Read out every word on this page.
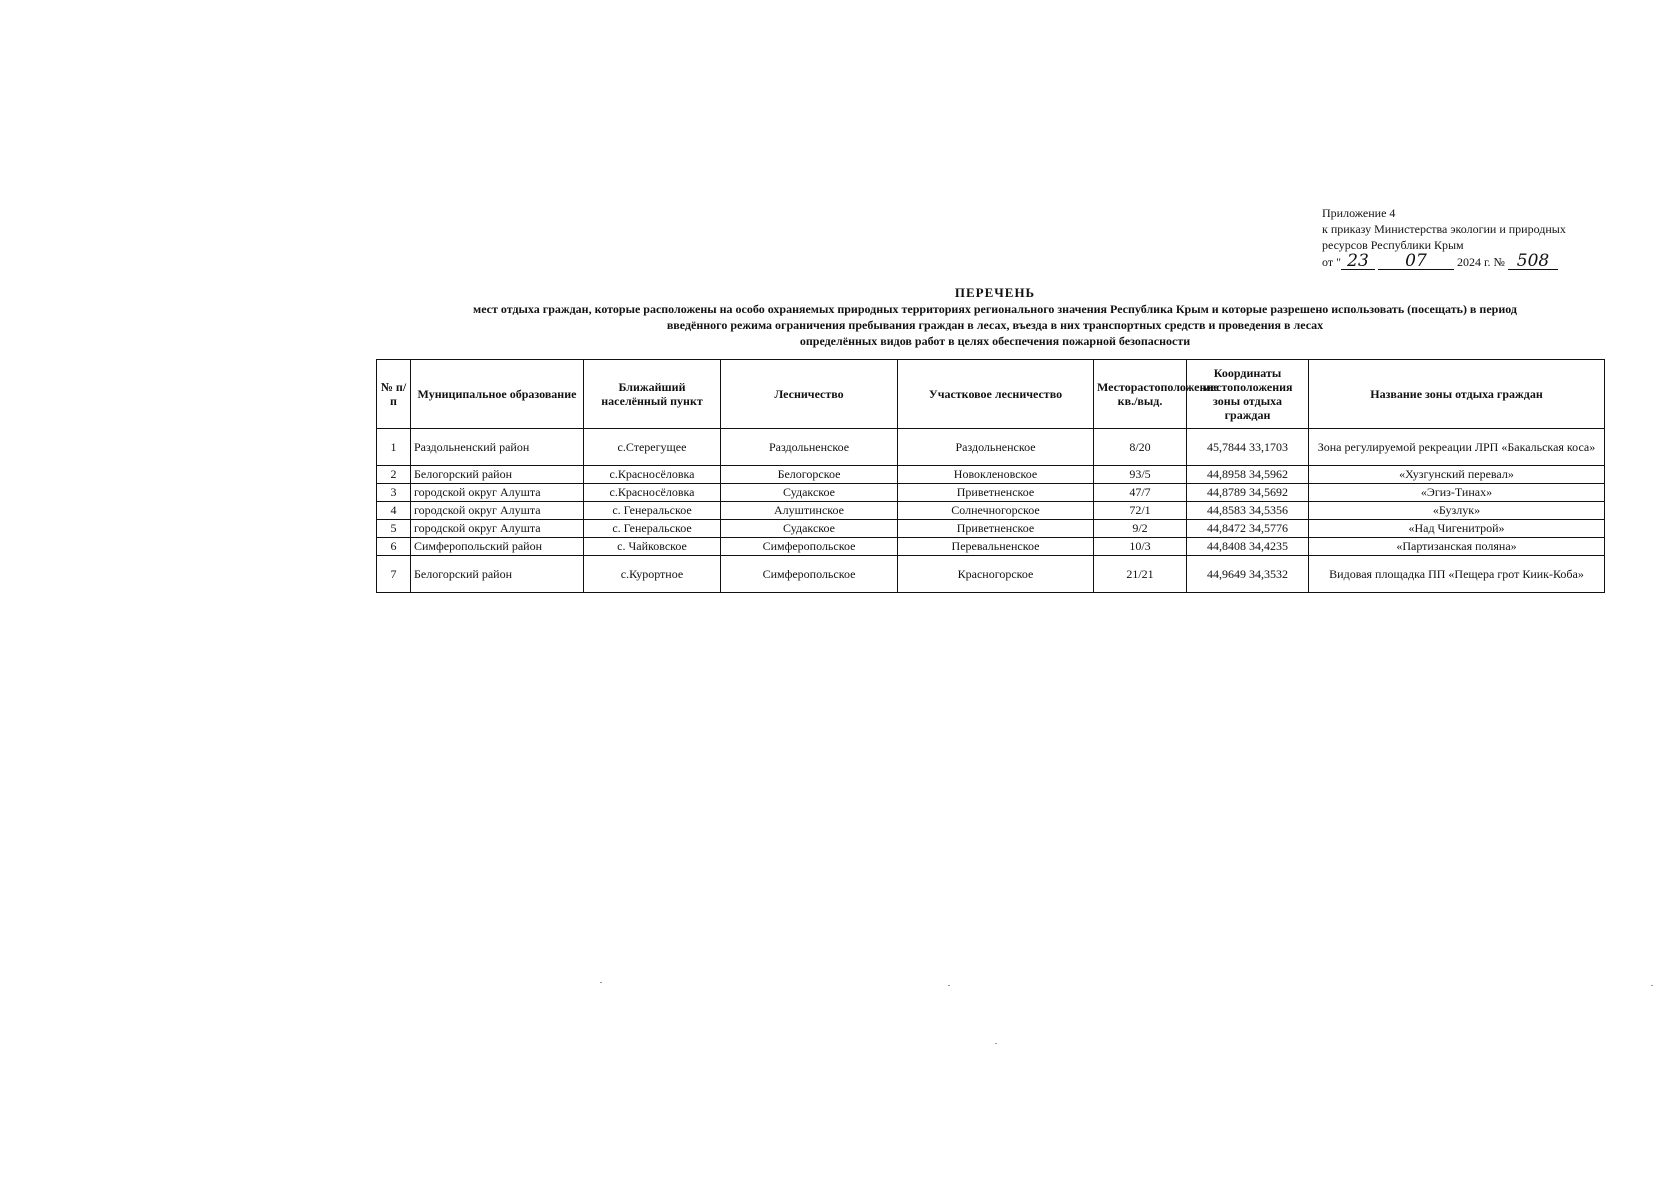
Приложение 4
к приказу Министерства экологии и природных
ресурсов Республики Крым
от " 23 07	2024 г. № 508
ПЕРЕЧЕНЬ
мест отдыха граждан, которые расположены на особо охраняемых природных территориях регионального значения Республика Крым и которые разрешено использовать (посещать) в период
введённого режима ограничения пребывания граждан в лесах, въезда в них транспортных средств и проведения в лесах
определённых видов работ в целях обеспечения пожарной безопасности
№ п/п	Муниципальное образование	Ближайший населённый пункт	Лесничество	Участковое лесничество	Месторастоположение кв./выд.	Координаты местоположения зоны отдыха граждан	Название зоны отдыха граждан
1	Раздольненский район	с.Стерегущее	Раздольненское	Раздольненское	8/20	45,7844 33,1703	Зона регулируемой рекреации ЛРП «Бакальская коса»
2	Белогорский район	с.Красносёловка	Белогорское	Новокленовское	93/5	44,8958 34,5962	«Хузгунский перевал»
3	городской округ Алушта	с.Красносёловка	Судакское	Приветненское	47/7	44,8789 34,5692	«Эгиз-Тинах»
4	городской округ Алушта	с. Генеральское	Алуштинское	Солнечногорское	72/1	44,8583 34,5356	«Бузлук»
5	городской округ Алушта	с. Генеральское	Судакское	Приветненское	9/2	44,8472 34,5776	«Над Чигенитрой»
6	Симферопольский район	с. Чайковское	Симферопольское	Перевальненское	10/3	44,8408 34,4235	«Партизанская поляна»
7	Белогорский район	с.Курортное	Симферопольское	Красногорское	21/21	44,9649 34,3532	Видовая площадка ПП «Пещера грот Киик-Коба»
